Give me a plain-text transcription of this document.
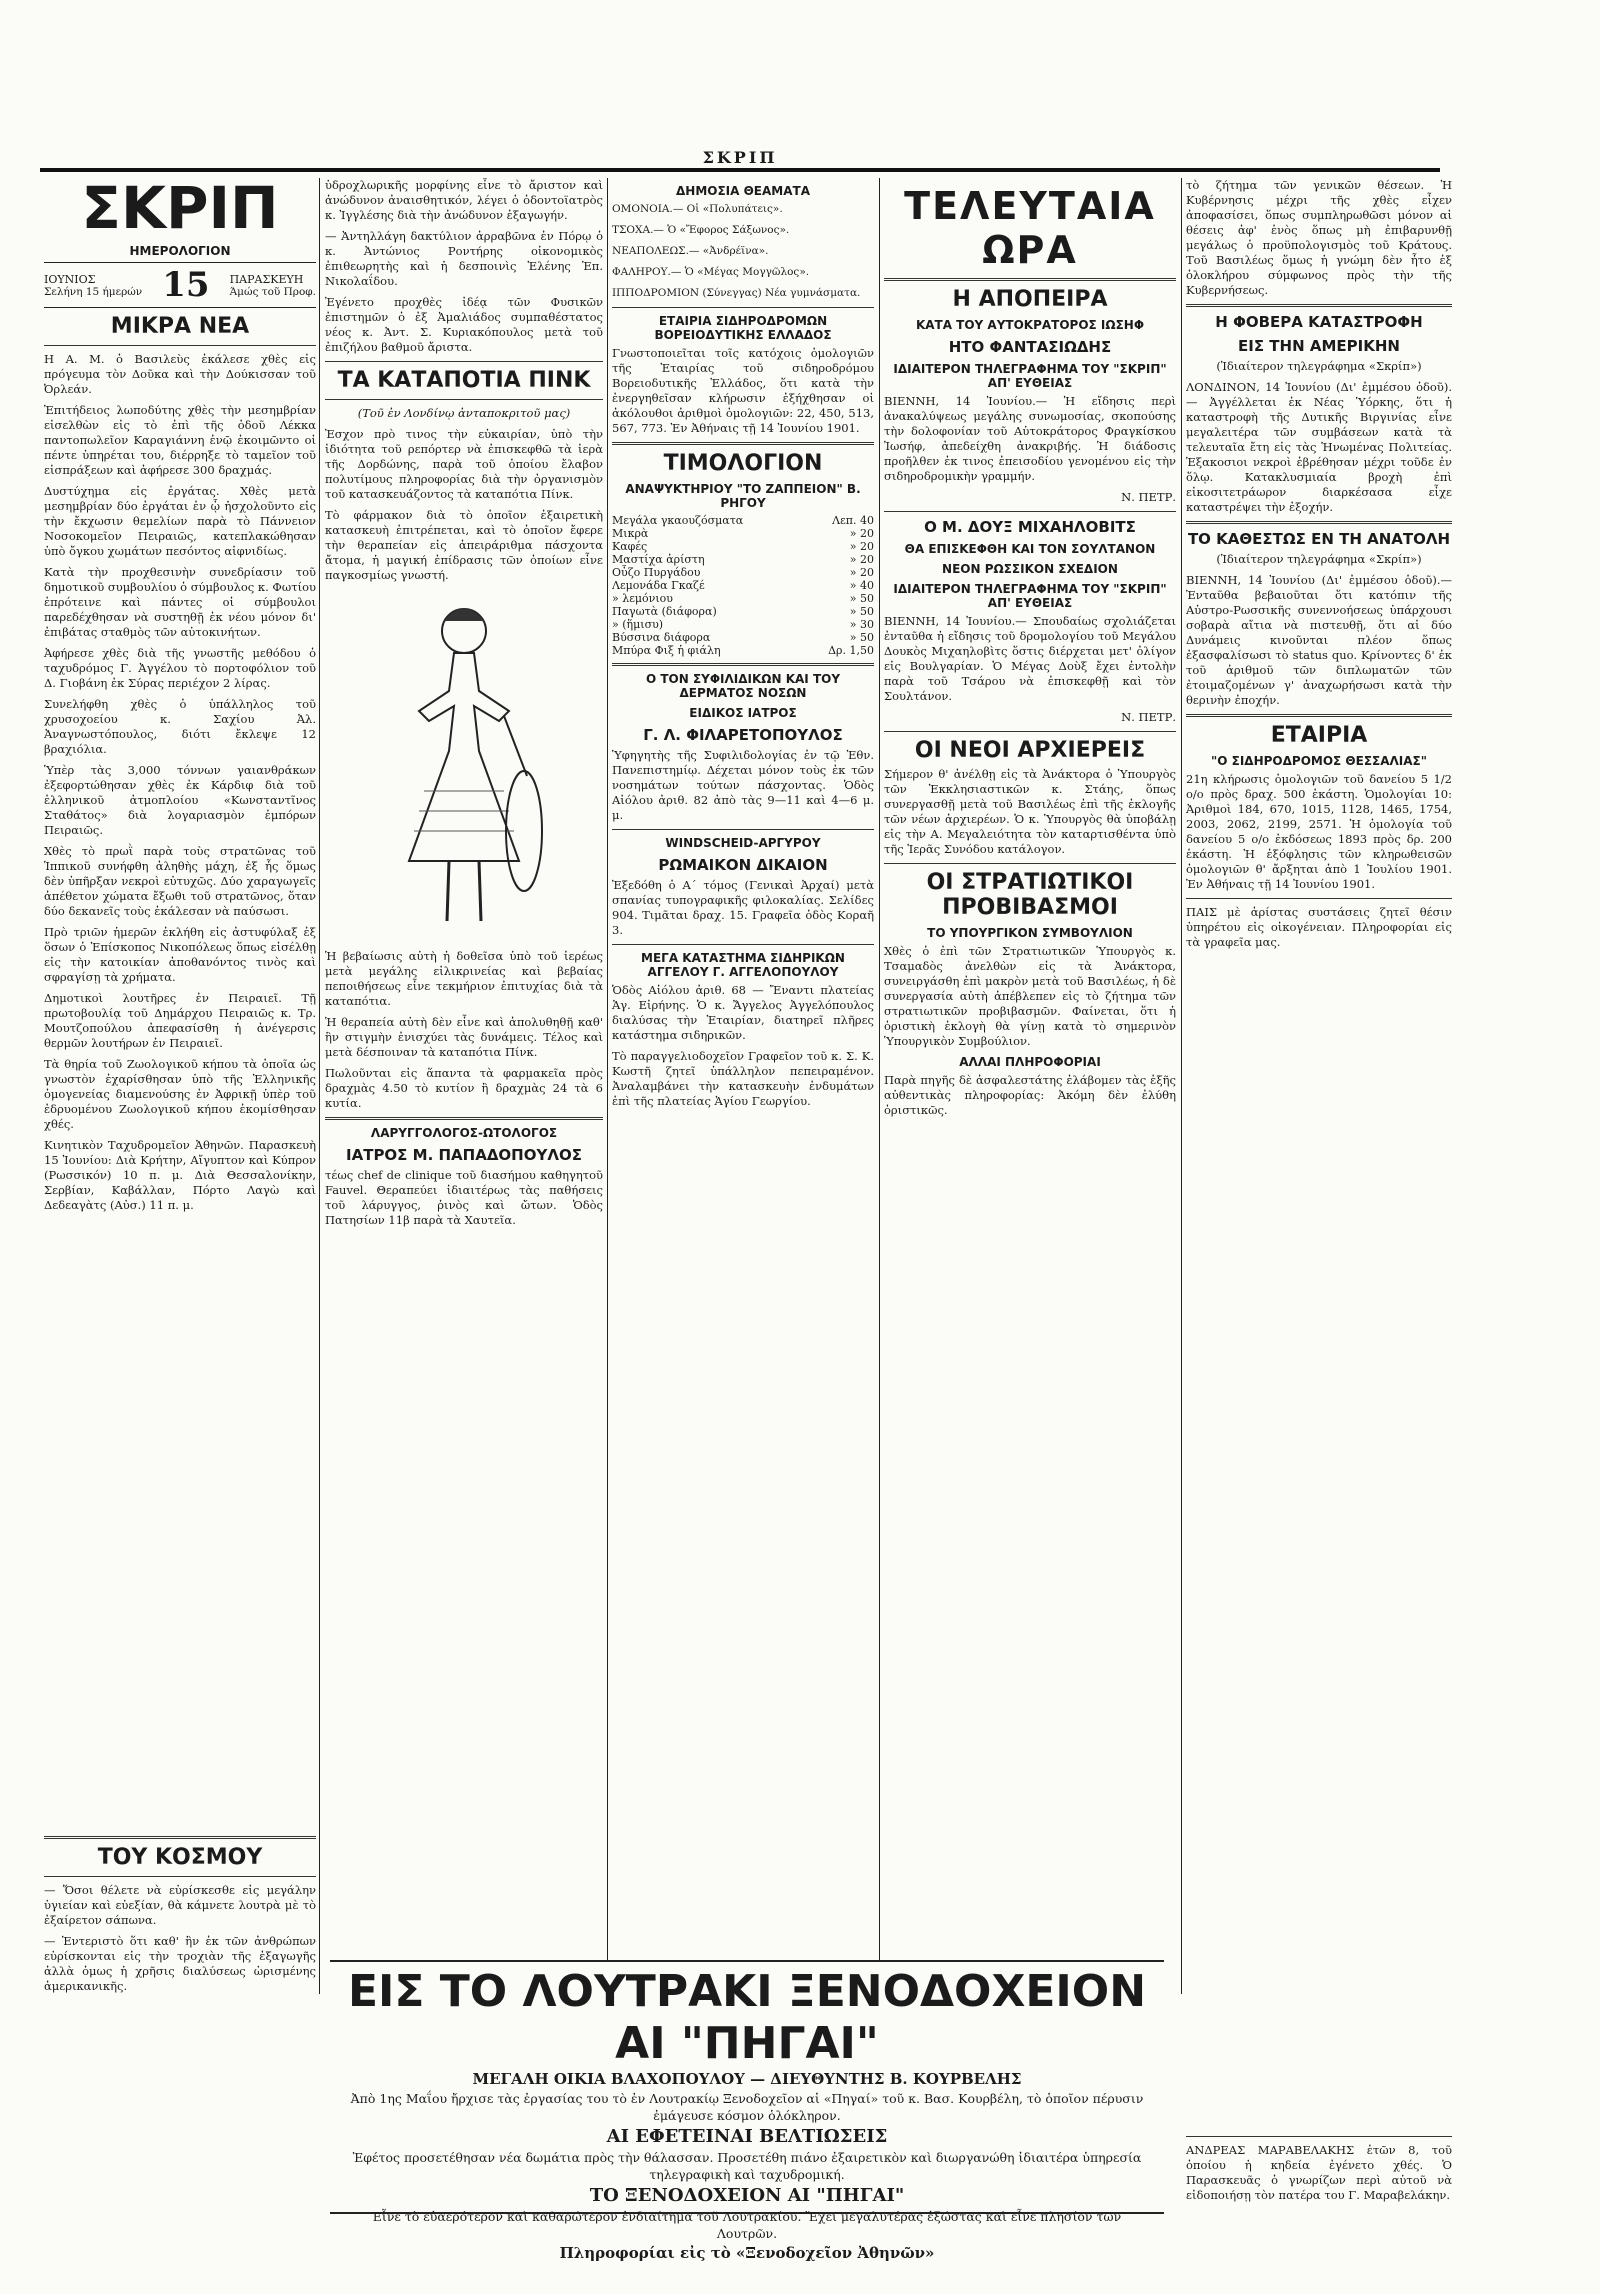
ΣΚΡΙΠ
ΣΚΡΙΠ
ΗΜΕΡΟΛΟΓΙΟΝ
ΙΟΥΝΙΟΣ
Σελήνη 15 ήμερών 15 ΠΑΡΑΣΚΕΥΗ
Άμώς τοῦ Προφ.
ΜΙΚΡΑ ΝΕΑ

Η Α. Μ. ὁ Βασιλεὺς ἐκάλεσε χθὲς εἰς πρόγευμα τὸν Δοῦκα καὶ τὴν Δούκισσαν τοῦ Ὀρλεάν.

Ἐπιτήδειος λωποδύτης χθὲς τὴν μεσημβρίαν εἰσελθὼν εἰς τὸ ἐπὶ τῆς ὁδοῦ Λέκκα παντοπωλεῖον Καραγιάννη ἐνῷ ἐκοιμῶντο οἱ πέντε ὑπηρέται του, διέρρηξε τὸ ταμεῖον τοῦ εἰσπράξεων καὶ ἀφήρεσε 300 δραχμάς.

Δυστύχημα εἰς ἐργάτας. Χθὲς μετὰ μεσημβρίαν δύο ἐργάται ἐν ᾧ ἠσχολοῦντο εἰς τὴν ἔκχωσιν θεμελίων παρὰ τὸ Πάννειον Νοσοκομεῖον Πειραιῶς, κατεπλακώθησαν ὑπὸ ὄγκου χωμάτων πεσόντος αἰφνιδίως.

Κατὰ τὴν προχθεσινὴν συνεδρίασιν τοῦ δημοτικοῦ συμβουλίου ὁ σύμβουλος κ. Φωτίου ἐπρότεινε καὶ πάντες οἱ σύμβουλοι παρεδέχθησαν νὰ συστηθῇ ἐκ νέου μόνον δι' ἐπιβάτας σταθμὸς τῶν αὐτοκινήτων.

Ἀφήρεσε χθὲς διὰ τῆς γνωστῆς μεθόδου ὁ ταχυδρόμος Γ. Ἀγγέλου τὸ πορτοφόλιον τοῦ Δ. Γιοβάνη ἐκ Σύρας περιέχον 2 λίρας.

Συνελήφθη χθὲς ὁ ὑπάλληλος τοῦ χρυσοχοείου κ. Σαχίου Ἀλ. Ἀναγνωστόπουλος, διότι ἔκλεψε 12 βραχιόλια.

Ὑπὲρ τὰς 3,000 τόννων γαιανθράκων ἐξεφορτώθησαν χθὲς ἐκ Κάρδιφ διὰ τοῦ ἑλληνικοῦ ἀτμοπλοίου «Κωνσταντῖνος Σταθάτος» διὰ λογαριασμὸν ἐμπόρων Πειραιῶς.

Χθὲς τὸ πρωῒ παρὰ τοὺς στρατῶνας τοῦ Ἱππικοῦ συνήφθη ἀληθὴς μάχη, ἐξ ἧς ὅμως δὲν ὑπῆρξαν νεκροὶ εὐτυχῶς. Δύο χαραγωγεῖς ἀπέθετον χώματα ἔξωθι τοῦ στρατῶνος, ὅταν δύο δεκανεῖς τοὺς ἐκάλεσαν νὰ παύσωσι.

Πρὸ τριῶν ἡμερῶν ἐκλήθη εἰς ἀστυφύλαξ ἐξ ὅσων ὁ Ἐπίσκοπος Νικοπόλεως ὅπως εἰσέλθῃ εἰς τὴν κατοικίαν ἀποθανόντος τινὸς καὶ σφραγίσῃ τὰ χρήματα.

Δημοτικοὶ λουτῆρες ἐν Πειραιεῖ. Τῇ πρωτοβουλίᾳ τοῦ Δημάρχου Πειραιῶς κ. Τρ. Μουτζοπούλου ἀπεφασίσθη ἡ ἀνέγερσις θερμῶν λουτήρων ἐν Πειραιεῖ.

Τὰ θηρία τοῦ Ζωολογικοῦ κήπου τὰ ὁποῖα ὡς γνωστὸν ἐχαρίσθησαν ὑπὸ τῆς Ἑλληνικῆς ὁμογενείας διαμενούσης ἐν Ἀφρικῇ ὑπὲρ τοῦ ἐδρυομένου Ζωολογικοῦ κήπου ἐκομίσθησαν χθές.

Κινητικὸν Ταχυδρομεῖον Ἀθηνῶν. Παρασκευὴ 15 Ἰουνίου: Διὰ Κρήτην, Αἴγυπτον καὶ Κύπρον (Ρωσσικόν) 10 π. μ. Διὰ Θεσσαλονίκην, Σερβίαν, Καβάλλαν, Πόρτο Λαγὼ καὶ Δεδεαγὰτς (Αὐσ.) 11 π. μ.

ΤΟΥ ΚΟΣΜΟΥ

— Ὅσοι θέλετε νὰ εὑρίσκεσθε εἰς μεγάλην ὑγιείαν καὶ εὐεξίαν, θὰ κάμνετε λουτρὰ μὲ τὸ ἐξαίρετον σάπωνα.

— Ἐντεριστὸ ὅτι καθ' ἣν ἐκ τῶν ἀνθρώπων εὑρίσκονται εἰς τὴν τροχιὰν τῆς ἐξαγωγῆς ἀλλὰ ὁμως ἡ χρῆσις διαλύσεως ὡρισμένης ἀμερικανικῆς.

ὑδροχλωρικῆς μορφίνης εἶνε τὸ ἄριστον καὶ ἀνώδυνον ἀναισθητικόν, λέγει ὁ ὀδοντοϊατρὸς κ. Ἰγγλέσης διὰ τὴν ἀνώδυνον ἐξαγωγήν.

— Ἀντηλλάγη δακτύλιον ἀρραβῶνα ἐν Πόρῳ ὁ κ. Ἀντώνιος Ροντήρης οἰκονομικὸς ἐπιθεωρητὴς καὶ ἡ δεσποινὶς Ἑλένης Ἐπ. Νικολαΐδου.

Ἐγένετο προχθὲς ἰδέᾳ τῶν Φυσικῶν ἐπιστημῶν ὁ ἐξ Ἀμαλιάδος συμπαθέστατος νέος κ. Ἀντ. Σ. Κυριακόπουλος μετὰ τοῦ ἐπιζήλου βαθμοῦ ἄριστα.

ΤΑ ΚΑΤΑΠΟΤΙΑ ΠΙΝΚ

(Τοῦ ἐν Λονδίνῳ ἀνταποκριτοῦ μας)

Ἐσχον πρὸ τινος τὴν εὐκαιρίαν, ὑπὸ τὴν ἰδιότητα τοῦ ρεπόρτερ νὰ ἐπισκεφθῶ τὰ ἱερὰ τῆς Δορδώνης, παρὰ τοῦ ὁποίου ἔλαβον πολυτίμους πληροφορίας διὰ τὴν ὀργανισμὸν τοῦ κατασκευάζοντος τὰ καταπότια Πίνκ.

Τὸ φάρμακον διὰ τὸ ὁποῖον ἐξαιρετικὴ κατασκευὴ ἐπιτρέπεται, καὶ τὸ ὁποῖον ἔφερε τὴν θεραπείαν εἰς ἀπειράριθμα πάσχοντα ἄτομα, ἡ μαγική ἐπίδρασις τῶν ὁποίων εἶνε παγκοσμίως γνωστή.

Ἡ βεβαίωσις αὐτὴ ἡ δοθεῖσα ὑπὸ τοῦ ἱερέως μετὰ μεγάλης εἰλικρινείας καὶ βεβαίας πεποιθήσεως εἶνε τεκμήριον ἐπιτυχίας διὰ τὰ καταπότια.

Ἡ θεραπεία αὐτὴ δὲν εἶνε καὶ ἀπολυθηθῇ καθ' ἣν στιγμὴν ἐνισχύει τὰς δυνάμεις. Τέλος καὶ μετὰ δέσποιναν τὰ καταπότια Πίνκ.

Πωλοῦνται εἰς ἅπαντα τὰ φαρμακεῖα πρὸς δραχμὰς 4.50 τὸ κυτίον ἢ δραχμὰς 24 τὰ 6 κυτία.

ΛΑΡΥΓΓΟΛΟΓΟΣ-ΩΤΟΛΟΓΟΣ
ΙΑΤΡΟΣ Μ. ΠΑΠΑΔΟΠΟΥΛΟΣ

τέως chef de clinique τοῦ διασήμου καθηγητοῦ Fauvel. Θεραπεύει ἰδιαιτέρως τὰς παθήσεις τοῦ λάρυγγος, ῥινὸς καὶ ὤτων. Ὁδὸς Πατησίων 11β παρὰ τὰ Χαυτεῖα.

ΔΗΜΟΣΙΑ ΘΕΑΜΑΤΑ

ΟΜΟΝΟΙΑ.— Οἱ «Πολυπάτεις».

ΤΣΟΧΑ.— Ὁ «Ἔφορος Σάξωνος».

ΝΕΑΠΟΛΕΩΣ.— «Ἀνδρέϊνα».

ΦΑΛΗΡΟΥ.— Ὁ «Μέγας Μογγῶλος».

ΙΠΠΟΔΡΟΜΙΟΝ (Σύνεγγας) Νέα γυμνάσματα.

ΕΤΑΙΡΙΑ ΣΙΔΗΡΟΔΡΟΜΩΝ ΒΟΡΕΙΟΔΥΤΙΚΗΣ ΕΛΛΑΔΟΣ

Γνωστοποιεῖται τοῖς κατόχοις ὁμολογιῶν τῆς Ἑταιρίας τοῦ σιδηροδρόμου Βορειοδυτικῆς Ἑλλάδος, ὅτι κατὰ τὴν ἐνεργηθεῖσαν κλήρωσιν ἐξήχθησαν οἱ ἀκόλουθοι ἀριθμοὶ ὁμολογιῶν: 22, 450, 513, 567, 773. Ἐν Ἀθήναις τῇ 14 Ἰουνίου 1901.

ΤΙΜΟΛΟΓΙΟΝ
ΑΝΑΨΥΚΤΗΡΙΟΥ "ΤΟ ΖΑΠΠΕΙΟΝ" Β. ΡΗΓΟΥ
Μεγάλα γκαουζόσματα	Λεπ. 40
Μικρὰ	» 20
Καφές	» 20
Μαστίχα ἀρίστη	» 20
Οὖζο Πυργάδου	» 20
Λεμονάδα Γκαζέ	» 40
» λεμόνιου	» 50
Παγωτὰ (διάφορα)	» 50
» (ἥμισυ)	» 30
Βύσσινα διάφορα	» 50
Μπύρα Φιξ ἡ φιάλη	Δρ. 1,50
Ο ΤΟΝ ΣΥΦΙΛΙΔΙΚΩΝ ΚΑΙ ΤΟΥ ΔΕΡΜΑΤΟΣ ΝΟΣΩΝ
ΕΙΔΙΚΟΣ ΙΑΤΡΟΣ
Γ. Λ. ΦΙΛΑΡΕΤΟΠΟΥΛΟΣ

Ὑφηγητὴς τῆς Συφιλιδολογίας ἐν τῷ Ἐθν. Πανεπιστημίῳ. Δέχεται μόνον τοὺς ἐκ τῶν νοσημάτων τούτων πάσχοντας. Ὁδὸς Αἰόλου ἀριθ. 82 ἀπὸ τὰς 9—11 καὶ 4—6 μ. μ.

WINDSCHEID-ΑΡΓΥΡΟΥ
ΡΩΜΑΙΚΟΝ ΔΙΚΑΙΟΝ

Ἐξεδόθη ὁ Α΄ τόμος (Γενικαὶ Ἀρχαί) μετὰ σπανίας τυπογραφικῆς φιλοκαλίας. Σελίδες 904. Τιμᾶται δραχ. 15. Γραφεῖα ὁδὸς Κοραῆ 3.

ΜΕΓΑ ΚΑΤΑΣΤΗΜΑ ΣΙΔΗΡΙΚΩΝ ΑΓΓΕΛΟΥ Γ. ΑΓΓΕΛΟΠΟΥΛΟΥ

Ὁδὸς Αἰόλου ἀριθ. 68 — Ἔναντι πλατείας Ἁγ. Εἰρήνης. Ὁ κ. Ἄγγελος Ἀγγελόπουλος διαλύσας τὴν Ἑταιρίαν, διατηρεῖ πλῆρες κατάστημα σιδηρικῶν.

Τὸ παραγγελιοδοχεῖον Γραφεῖον τοῦ κ. Σ. Κ. Κωστῆ ζητεῖ ὑπάλληλον πεπειραμένον. Ἀναλαμβάνει τὴν κατασκευὴν ἐνδυμάτων ἐπὶ τῆς πλατείας Ἁγίου Γεωργίου.

ΤΕΛΕΥΤΑΙΑ ΩΡΑ
Η ΑΠΟΠΕΙΡΑ
ΚΑΤΑ ΤΟΥ ΑΥΤΟΚΡΑΤΟΡΟΣ ΙΩΣΗΦ
ΗΤΟ ΦΑΝΤΑΣΙΩΔΗΣ
ΙΔΙΑΙΤΕΡΟΝ ΤΗΛΕΓΡΑΦΗΜΑ ΤΟΥ "ΣΚΡΙΠ" ΑΠ' ΕΥΘΕΙΑΣ

ΒΙΕΝΝΗ, 14 Ἰουνίου.— Ἡ εἴδησις περὶ ἀνακαλύψεως μεγάλης συνωμοσίας, σκοπούσης τὴν δολοφονίαν τοῦ Αὐτοκράτορος Φραγκίσκου Ἰωσήφ, ἀπεδείχθη ἀνακριβής. Ἡ διάδοσις προῆλθεν ἐκ τινος ἐπεισοδίου γενομένου εἰς τὴν σιδηροδρομικὴν γραμμήν.

Ν. ΠΕΤΡ.

Ο Μ. ΔΟΥΞ ΜΙΧΑΗΛΟΒΙΤΣ
ΘΑ ΕΠΙΣΚΕΦΘΗ ΚΑΙ ΤΟΝ ΣΟΥΛΤΑΝΟΝ
ΝΕΟΝ ΡΩΣΣΙΚΟΝ ΣΧΕΔΙΟΝ
ΙΔΙΑΙΤΕΡΟΝ ΤΗΛΕΓΡΑΦΗΜΑ ΤΟΥ "ΣΚΡΙΠ" ΑΠ' ΕΥΘΕΙΑΣ

ΒΙΕΝΝΗ, 14 Ἰουνίου.— Σπουδαίως σχολιάζεται ἐνταῦθα ἡ εἴδησις τοῦ δρομολογίου τοῦ Μεγάλου Δουκὸς Μιχαηλοβὶτς ὅστις διέρχεται μετ' ὀλίγον εἰς Βουλγαρίαν. Ὁ Μέγας Δοὺξ ἔχει ἐντολὴν παρὰ τοῦ Τσάρου νὰ ἐπισκεφθῇ καὶ τὸν Σουλτάνον.

Ν. ΠΕΤΡ.

ΟΙ ΝΕΟΙ ΑΡΧΙΕΡΕΙΣ

Σήμερον θ' ἀνέλθῃ εἰς τὰ Ἀνάκτορα ὁ Ὑπουργὸς τῶν Ἐκκλησιαστικῶν κ. Στάης, ὅπως συνεργασθῇ μετὰ τοῦ Βασιλέως ἐπὶ τῆς ἐκλογῆς τῶν νέων ἀρχιερέων. Ὁ κ. Ὑπουργὸς θὰ ὑποβάλῃ εἰς τὴν Α. Μεγαλειότητα τὸν καταρτισθέντα ὑπὸ τῆς Ἱερᾶς Συνόδου κατάλογον.

ΟΙ ΣΤΡΑΤΙΩΤΙΚΟΙ ΠΡΟΒΙΒΑΣΜΟΙ
ΤΟ ΥΠΟΥΡΓΙΚΟΝ ΣΥΜΒΟΥΛΙΟΝ

Χθὲς ὁ ἐπὶ τῶν Στρατιωτικῶν Ὑπουργὸς κ. Τσαμαδὸς ἀνελθὼν εἰς τὰ Ἀνάκτορα, συνειργάσθη ἐπὶ μακρὸν μετὰ τοῦ Βασιλέως, ἡ δὲ συνεργασία αὐτὴ ἀπέβλεπεν εἰς τὸ ζήτημα τῶν στρατιωτικῶν προβιβασμῶν. Φαίνεται, ὅτι ἡ ὁριστικὴ ἐκλογὴ θὰ γίνῃ κατὰ τὸ σημερινὸν Ὑπουργικὸν Συμβούλιον.

ΑΛΛΑΙ ΠΛΗΡΟΦΟΡΙΑΙ

Παρὰ πηγῆς δὲ ἀσφαλεστάτης ἐλάβομεν τὰς ἑξῆς αὐθεντικὰς πληροφορίας: Ἀκόμη δὲν ἐλύθη ὁριστικῶς.

τὸ ζήτημα τῶν γενικῶν θέσεων. Ἡ Κυβέρνησις μέχρι τῆς χθὲς εἶχεν ἀποφασίσει, ὅπως συμπληρωθῶσι μόνον αἱ θέσεις ἀφ' ἑνὸς ὅπως μὴ ἐπιβαρυνθῇ μεγάλως ὁ προϋπολογισμὸς τοῦ Κράτους. Τοῦ Βασιλέως ὅμως ἡ γνώμη δὲν ἦτο ἐξ ὁλοκλήρου σύμφωνος πρὸς τὴν τῆς Κυβερνήσεως.

Η ΦΟΒΕΡΑ ΚΑΤΑΣΤΡΟΦΗ
ΕΙΣ ΤΗΝ ΑΜΕΡΙΚΗΝ

(Ἰδιαίτερον τηλεγράφημα «Σκρίπ»)

ΛΟΝΔΙΝΟΝ, 14 Ἰουνίου (Δι' ἐμμέσου ὁδοῦ).— Ἀγγέλλεται ἐκ Νέας Ὑόρκης, ὅτι ἡ καταστροφὴ τῆς Δυτικῆς Βιργινίας εἶνε μεγαλειτέρα τῶν συμβάσεων κατὰ τὰ τελευταῖα ἔτη εἰς τὰς Ἡνωμένας Πολιτείας. Ἐξακοσιοι νεκροὶ ἐβρέθησαν μέχρι τοῦδε ἐν ὅλῳ. Κατακλυσμιαία βροχὴ ἐπὶ εἰκοσιτετράωρον διαρκέσασα εἶχε καταστρέψει τὴν ἐξοχήν.

ΤΟ ΚΑΘΕΣΤΩΣ ΕΝ ΤΗ ΑΝΑΤΟΛΗ

(Ἰδιαίτερον τηλεγράφημα «Σκρίπ»)

ΒΙΕΝΝΗ, 14 Ἰουνίου (Δι' ἐμμέσου ὁδοῦ).— Ἐνταῦθα βεβαιοῦται ὅτι κατόπιν τῆς Αὐστρο-Ρωσσικῆς συνεννοήσεως ὑπάρχουσι σοβαρὰ αἴτια νὰ πιστευθῇ, ὅτι αἱ δύο Δυνάμεις κινοῦνται πλέον ὅπως ἐξασφαλίσωσι τὸ status quo. Κρίνοντες δ' ἐκ τοῦ ἀριθμοῦ τῶν διπλωματῶν τῶν ἐτοιμαζομένων γ' ἀναχωρήσωσι κατὰ τὴν θερινὴν ἐποχήν.

ΕΤΑΙΡΙΑ
"Ο ΣΙΔΗΡΟΔΡΟΜΟΣ ΘΕΣΣΑΛΙΑΣ"

21η κλήρωσις ὁμολογιῶν τοῦ δανείου 5 1/2 ο/ο πρὸς δραχ. 500 ἑκάστη. Ὁμολογίαι 10: Ἀριθμοὶ 184, 670, 1015, 1128, 1465, 1754, 2003, 2062, 2199, 2571. Ἡ ὁμολογία τοῦ δανείου 5 ο/ο ἐκδόσεως 1893 πρὸς δρ. 200 ἑκάστη. Ἡ ἐξόφλησις τῶν κληρωθεισῶν ὁμολογιῶν θ' ἄρξηται ἀπὸ 1 Ἰουλίου 1901. Ἐν Ἀθήναις τῇ 14 Ἰουνίου 1901.

ΠΑΙΣ μὲ ἀρίστας συστάσεις ζητεῖ θέσιν ὑπηρέτου εἰς οἰκογένειαν. Πληροφορίαι εἰς τὰ γραφεῖα μας.

ΑΝΔΡΕΑΣ ΜΑΡΑΒΕΛΑΚΗΣ ἐτῶν 8, τοῦ ὁποίου ἡ κηδεία ἐγένετο χθές. Ὁ Παρασκευᾶς ὁ γνωρίζων περὶ αὐτοῦ νὰ εἰδοποιήσῃ τὸν πατέρα του Γ. Μαραβελάκην.

ΕΙΣ ΤΟ ΛΟΥΤΡΑΚΙ ΞΕΝΟΔΟΧΕΙΟΝ ΑΙ "ΠΗΓΑΙ"
ΜΕΓΑΛΗ ΟΙΚΙΑ ΒΛΑΧΟΠΟΥΛΟΥ — ΔΙΕΥΘΥΝΤΗΣ Β. ΚΟΥΡΒΕΛΗΣ

Ἀπὸ 1ης Μαΐου ἤρχισε τὰς ἐργασίας του τὸ ἐν Λουτρακίῳ Ξενοδοχεῖον αἱ «Πηγαί» τοῦ κ. Βασ. Κουρβέλη, τὸ ὁποῖον πέρυσιν ἐμάγευσε κόσμον ὁλόκληρον.

ΑΙ ΕΦΕΤΕΙΝΑΙ ΒΕΛΤΙΩΣΕΙΣ

Ἐφέτος προσετέθησαν νέα δωμάτια πρὸς τὴν θάλασσαν. Προσετέθη πιάνο ἐξαιρετικὸν καὶ διωργανώθη ἰδιαιτέρα ὑπηρεσία τηλεγραφικὴ καὶ ταχυδρομική.

ΤΟ ΞΕΝΟΔΟΧΕΙΟΝ ΑΙ "ΠΗΓΑΙ"

Εἶνε τὸ εὐαερότερον καὶ καθαρώτερον ἐνδιαίτημα τοῦ Λουτρακίου. Ἔχει μεγαλυτέρας ἐξώστας καὶ εἶνε πλησίον τῶν Λουτρῶν.

Πληροφορίαι εἰς τὸ «Ξενοδοχεῖον Ἀθηνῶν»
